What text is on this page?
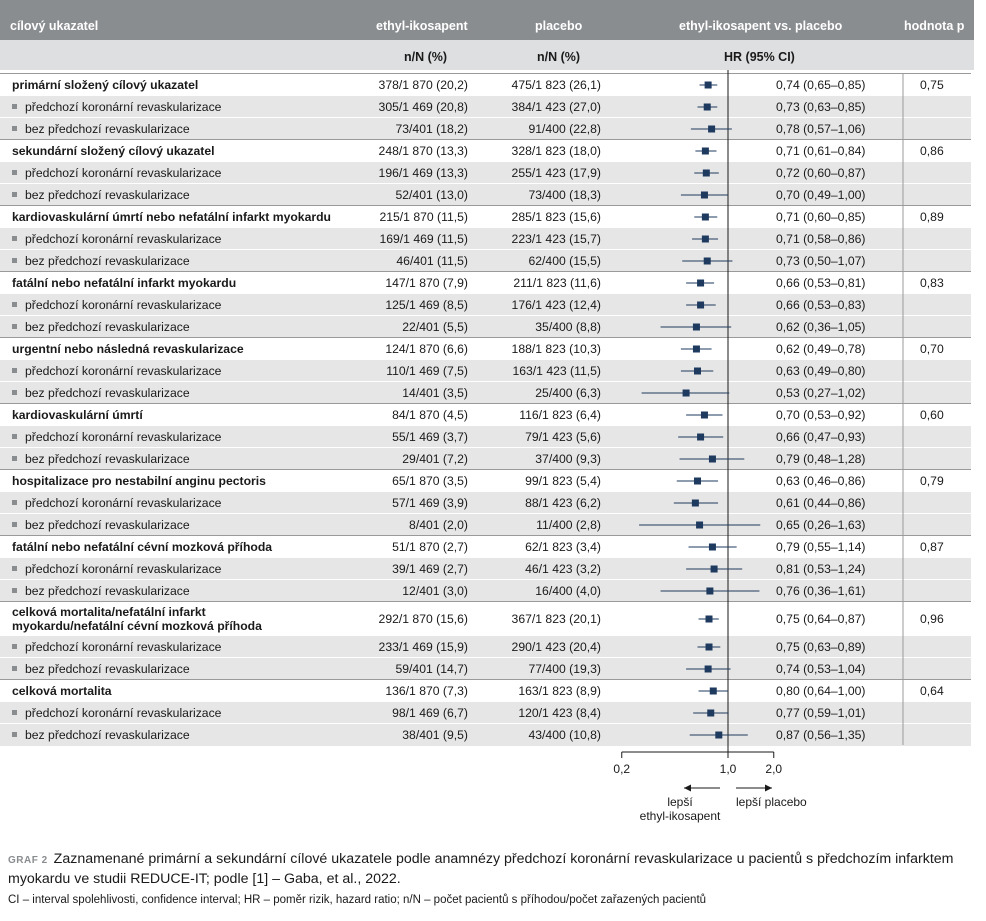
cílový ukazatel	ethyl-ikosapent	placebo	ethyl-ikosapent vs. placebo	hodnota p
n/N (%)	n/N (%)	HR (95% CI)
primární složený cílový ukazatel	378/1 870 (20,2)	475/1 823 (26,1)	0,74 (0,65–0,85)	0,75
předchozí koronární revaskularizace	305/1 469 (20,8)	384/1 423 (27,0)	0,73 (0,63–0,85)
bez předchozí revaskularizace	73/401 (18,2)	91/400 (22,8)	0,78 (0,57–1,06)
sekundární složený cílový ukazatel	248/1 870 (13,3)	328/1 823 (18,0)	0,71 (0,61–0,84)	0,86
předchozí koronární revaskularizace	196/1 469 (13,3)	255/1 423 (17,9)	0,72 (0,60–0,87)
bez předchozí revaskularizace	52/401 (13,0)	73/400 (18,3)	0,70 (0,49–1,00)
kardiovaskulární úmrtí nebo nefatální infarkt myokardu	215/1 870 (11,5)	285/1 823 (15,6)	0,71 (0,60–0,85)	0,89
předchozí koronární revaskularizace	169/1 469 (11,5)	223/1 423 (15,7)	0,71 (0,58–0,86)
bez předchozí revaskularizace	46/401 (11,5)	62/400 (15,5)	0,73 (0,50–1,07)
fatální nebo nefatální infarkt myokardu	147/1 870 (7,9)	211/1 823 (11,6)	0,66 (0,53–0,81)	0,83
předchozí koronární revaskularizace	125/1 469 (8,5)	176/1 423 (12,4)	0,66 (0,53–0,83)
bez předchozí revaskularizace	22/401 (5,5)	35/400 (8,8)	0,62 (0,36–1,05)
urgentní nebo následná revaskularizace	124/1 870 (6,6)	188/1 823 (10,3)	0,62 (0,49–0,78)	0,70
předchozí koronární revaskularizace	110/1 469 (7,5)	163/1 423 (11,5)	0,63 (0,49–0,80)
bez předchozí revaskularizace	14/401 (3,5)	25/400 (6,3)	0,53 (0,27–1,02)
kardiovaskulární úmrtí	84/1 870 (4,5)	116/1 823 (6,4)	0,70 (0,53–0,92)	0,60
předchozí koronární revaskularizace	55/1 469 (3,7)	79/1 423 (5,6)	0,66 (0,47–0,93)
bez předchozí revaskularizace	29/401 (7,2)	37/400 (9,3)	0,79 (0,48–1,28)
hospitalizace pro nestabilní anginu pectoris	65/1 870 (3,5)	99/1 823 (5,4)	0,63 (0,46–0,86)	0,79
předchozí koronární revaskularizace	57/1 469 (3,9)	88/1 423 (6,2)	0,61 (0,44–0,86)
bez předchozí revaskularizace	8/401 (2,0)	11/400 (2,8)	0,65 (0,26–1,63)
fatální nebo nefatální cévní mozková příhoda	51/1 870 (2,7)	62/1 823 (3,4)	0,79 (0,55–1,14)	0,87
předchozí koronární revaskularizace	39/1 469 (2,7)	46/1 423 (3,2)	0,81 (0,53–1,24)
bez předchozí revaskularizace	12/401 (3,0)	16/400 (4,0)	0,76 (0,36–1,61)
celková mortalita/nefatální infarkt
myokardu/nefatální cévní mozková příhoda	292/1 870 (15,6)	367/1 823 (20,1)	0,75 (0,64–0,87)	0,96
předchozí koronární revaskularizace	233/1 469 (15,9)	290/1 423 (20,4)	0,75 (0,63–0,89)
bez předchozí revaskularizace	59/401 (14,7)	77/400 (19,3)	0,74 (0,53–1,04)
celková mortalita	136/1 870 (7,3)	163/1 823 (8,9)	0,80 (0,64–1,00)	0,64
předchozí koronární revaskularizace	98/1 469 (6,7)	120/1 423 (8,4)	0,77 (0,59–1,01)
bez předchozí revaskularizace	38/401 (9,5)	43/400 (10,8)	0,87 (0,56–1,35)
0,2	1,0 2,0
lepší ethyl-ikosapent
lepší placebo
GRAF 2 Zaznamenané primární a sekundární cílové ukazatele podle anamnézy předchozí koronární revaskularizace u pacientů s předchozím infarktem myokardu ve studii REDUCE-IT; podle [1] – Gaba, et al., 2022.
CI – interval spolehlivosti, confidence interval; HR – poměr rizik, hazard ratio; n/N – počet pacientů s příhodou/počet zařazených pacientů
